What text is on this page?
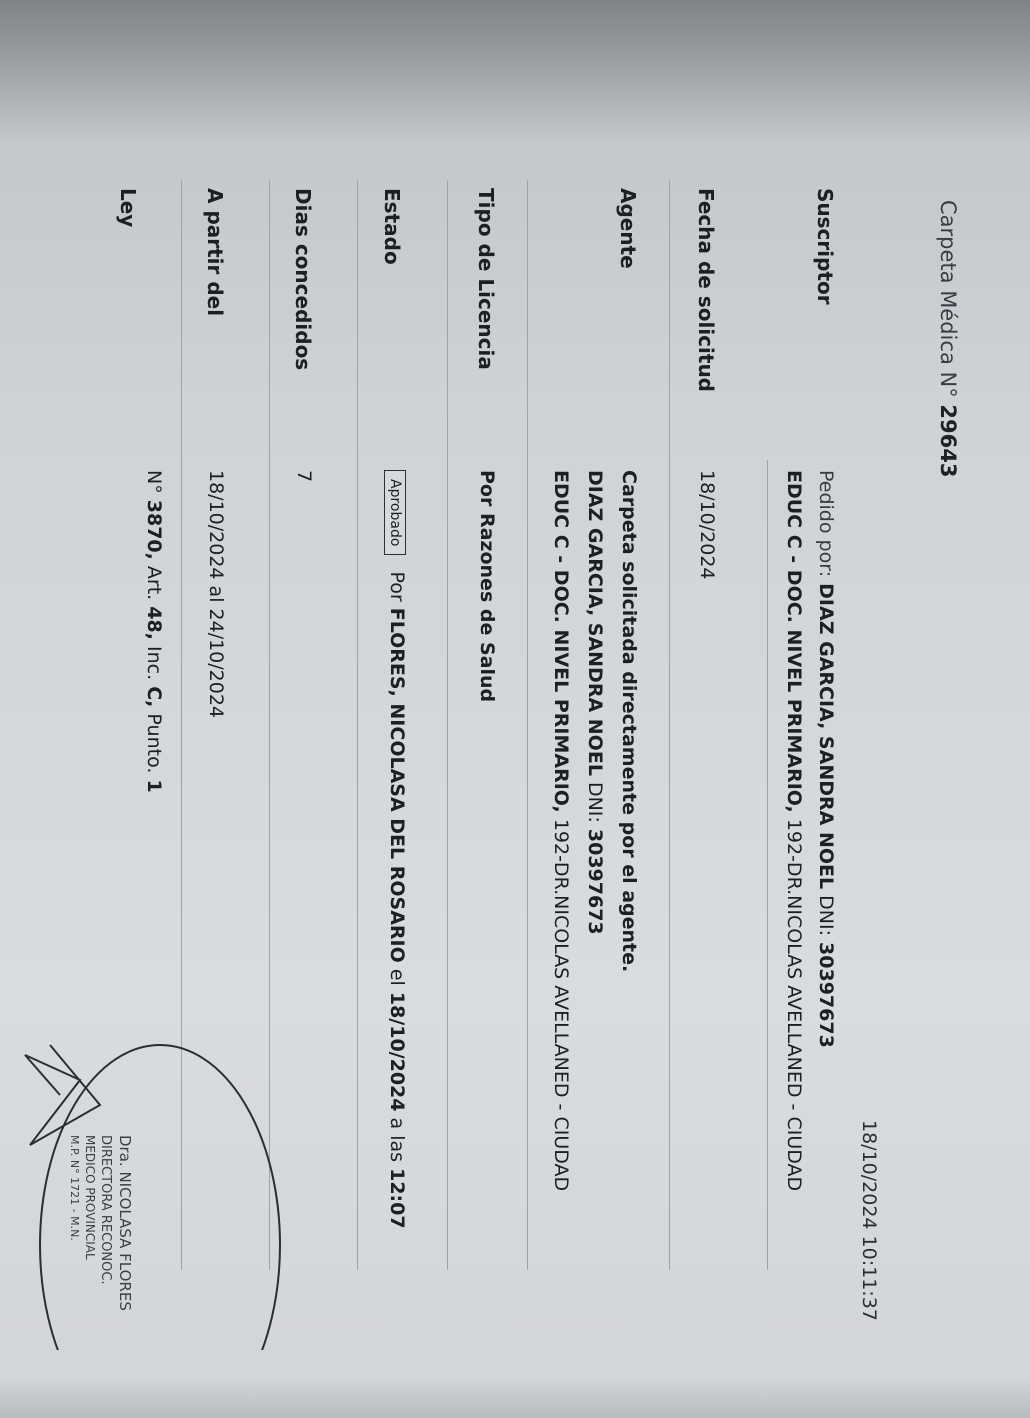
Carpeta Médica N° 29643
18/10/2024 10:11:37
Suscriptor
Pedido por: DIAZ GARCIA, SANDRA NOEL DNI: 30397673
EDUC C - DOC. NIVEL PRIMARIO, 192-DR.NICOLAS AVELLANED - CIUDAD
Fecha de solicitud
18/10/2024
Agente
Carpeta solicitada directamente por el agente.
DIAZ GARCIA, SANDRA NOEL DNI: 30397673
EDUC C - DOC. NIVEL PRIMARIO, 192-DR.NICOLAS AVELLANED - CIUDAD
Tipo de Licencia
Por Razones de Salud
Estado
Aprobado Por FLORES, NICOLASA DEL ROSARIO el 18/10/2024 a las 12:07
Dias concedidos
7
A partir del
18/10/2024 al 24/10/2024
Ley
N° 3870, Art. 48, Inc. C, Punto. 1
Dra. NICOLASA FLORES
DIRECTORA RECONOC.
MEDICO PROVINCIAL
M.P. N° 1721 - M.N.
